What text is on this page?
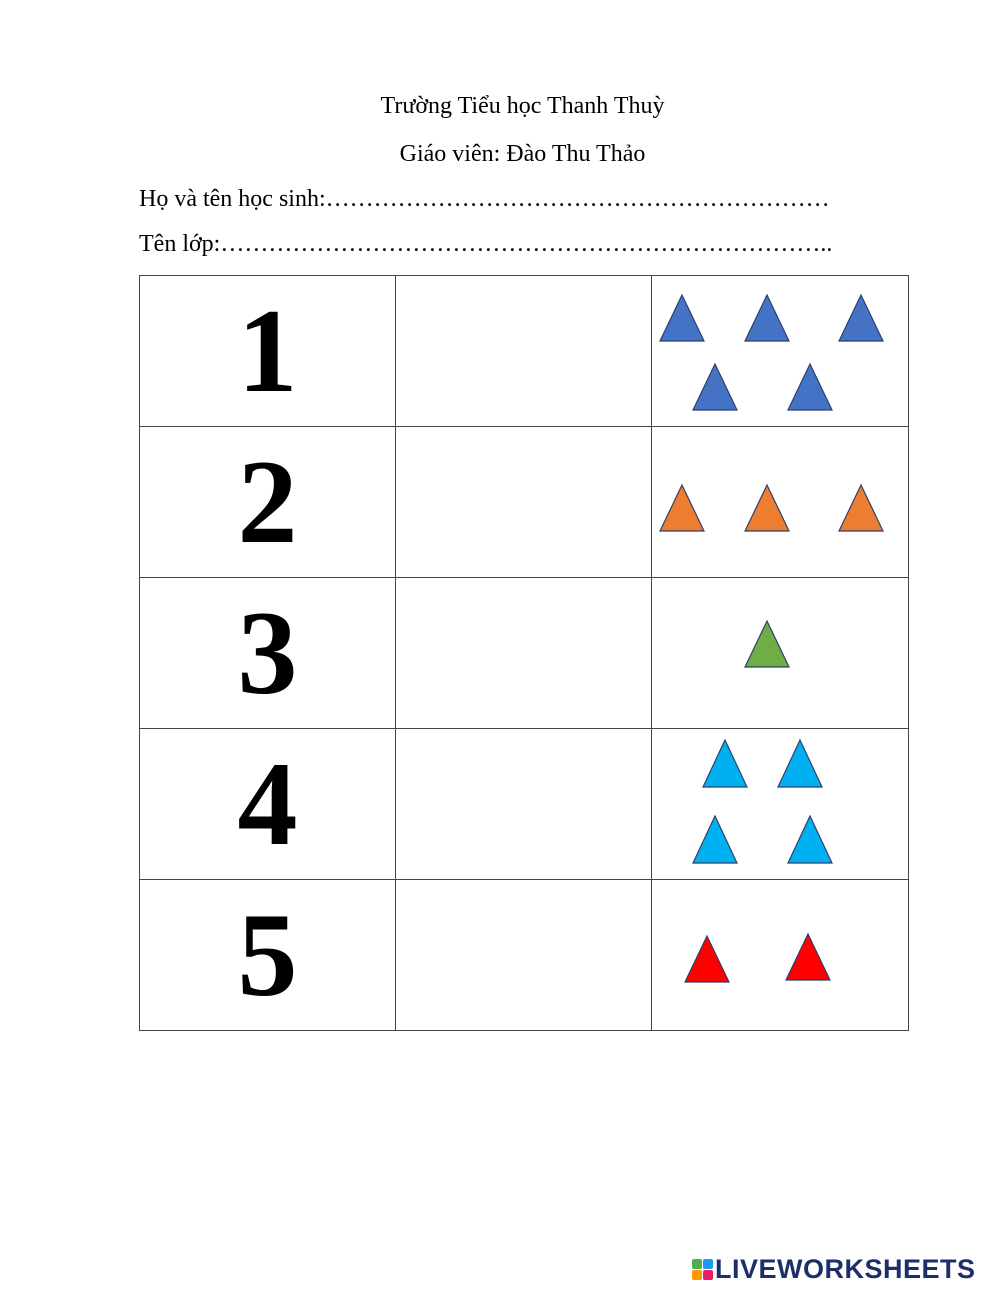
Trường Tiểu học Thanh Thuỳ
Giáo viên: Đào Thu Thảo
Họ và tên học sinh:………………………………………………………
Tên lớp:…………………………………………………………………..
1		

2		

3		

4		

5		
LIVEWORKSHEETS
